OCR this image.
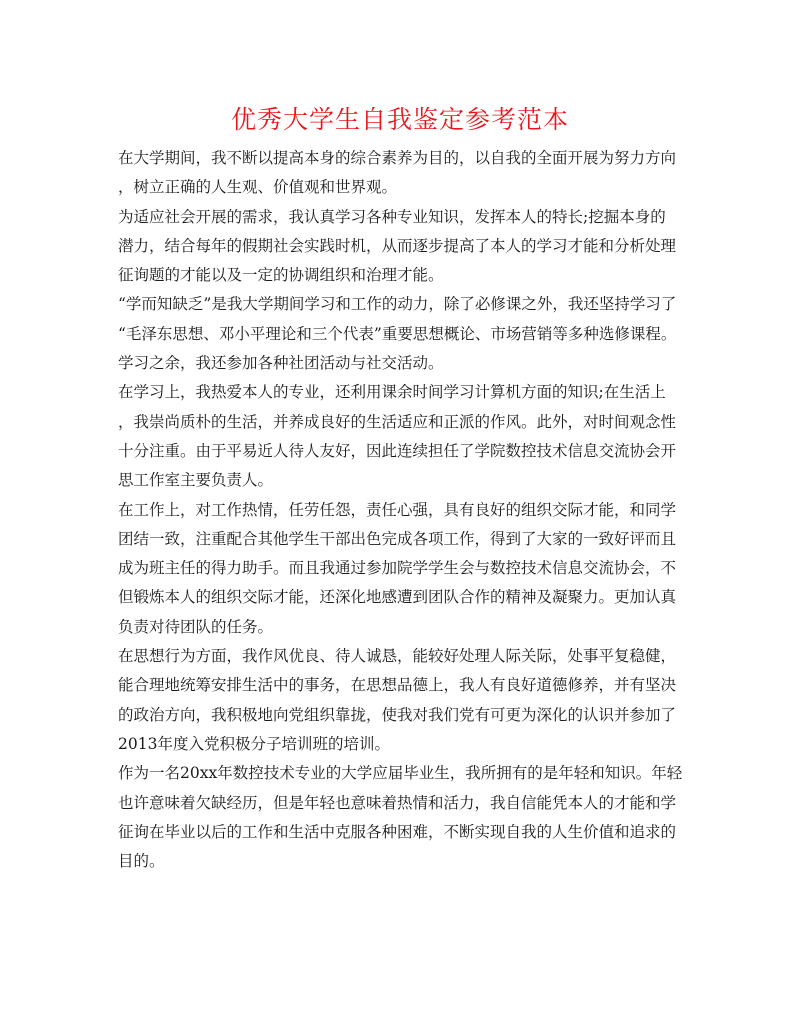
优秀大学生自我鉴定参考范本

在大学期间，我不断以提高本身的综合素养为目的，以自我的全面开展为努力方向
，树立正确的人生观、价值观和世界观。

为适应社会开展的需求，我认真学习各种专业知识，发挥本人的特长;挖掘本身的
潜力，结合每年的假期社会实践时机，从而逐步提高了本人的学习才能和分析处理
征询题的才能以及一定的协调组织和治理才能。

“学而知缺乏”是我大学期间学习和工作的动力，除了必修课之外，我还坚持学习了
“毛泽东思想、邓小平理论和三个代表”重要思想概论、市场营销等多种选修课程。
学习之余，我还参加各种社团活动与社交活动。

在学习上，我热爱本人的专业，还利用课余时间学习计算机方面的知识;在生活上
，我崇尚质朴的生活，并养成良好的生活适应和正派的作风。此外，对时间观念性
十分注重。由于平易近人待人友好，因此连续担任了学院数控技术信息交流协会开
思工作室主要负责人。

在工作上，对工作热情，任劳任怨，责任心强，具有良好的组织交际才能，和同学
团结一致，注重配合其他学生干部出色完成各项工作，得到了大家的一致好评而且
成为班主任的得力助手。而且我通过参加院学学生会与数控技术信息交流协会，不
但锻炼本人的组织交际才能，还深化地感遭到团队合作的精神及凝聚力。更加认真
负责对待团队的任务。

在思想行为方面，我作风优良、待人诚恳，能较好处理人际关际，处事平复稳健，
能合理地统筹安排生活中的事务，在思想品德上，我人有良好道德修养，并有坚决
的政治方向，我积极地向党组织靠拢，使我对我们党有可更为深化的认识并参加了
2013年度入党积极分子培训班的培训。

作为一名20xx年数控技术专业的大学应届毕业生，我所拥有的是年轻和知识。年轻
也许意味着欠缺经历，但是年轻也意味着热情和活力，我自信能凭本人的才能和学
征询在毕业以后的工作和生活中克服各种困难，不断实现自我的人生价值和追求的
目的。
